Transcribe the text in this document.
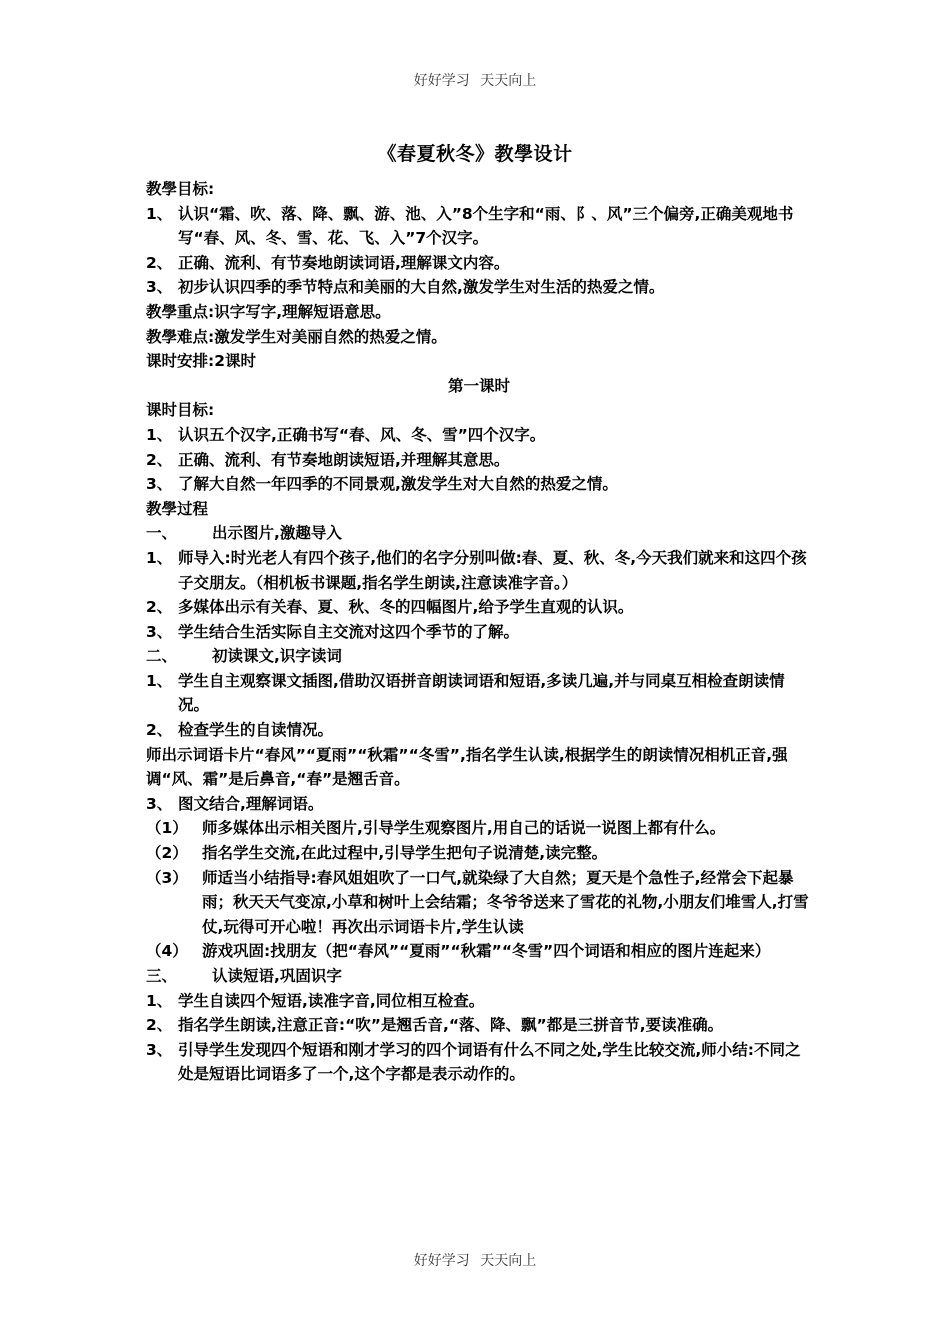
好好学习 天天向上
《春夏秋冬》教學设计
教學目标:
1、 认识“霜、吹、落、降、飘、游、池、入”8个生字和“雨、阝、风”三个偏旁,正确美观地书写“春、风、冬、雪、花、飞、入”7个汉字。
2、 正确、流利、有节奏地朗读词语,理解课文内容。
3、 初步认识四季的季节特点和美丽的大自然,激发学生对生活的热爱之情。
教學重点:识字写字,理解短语意思。
教學难点:激发学生对美丽自然的热爱之情。
课时安排:2课时
第一课时
课时目标:
1、 认识五个汉字,正确书写“春、风、冬、雪”四个汉字。
2、 正确、流利、有节奏地朗读短语,并理解其意思。
3、 了解大自然一年四季的不同景观,激发学生对大自然的热爱之情。
教學过程
一、	出示图片,激趣导入
1、 师导入:时光老人有四个孩子,他们的名字分别叫做:春、夏、秋、冬,今天我们就来和这四个孩子交朋友。（相机板书课题,指名学生朗读,注意读准字音。）
2、 多媒体出示有关春、夏、秋、冬的四幅图片,给予学生直观的认识。
3、 学生结合生活实际自主交流对这四个季节的了解。
二、	初读课文,识字读词
1、 学生自主观察课文插图,借助汉语拼音朗读词语和短语,多读几遍,并与同桌互相检查朗读情况。
2、 检查学生的自读情况。
师出示词语卡片“春风”“夏雨”“秋霜”“冬雪”,指名学生认读,根据学生的朗读情况相机正音,强调“风、霜”是后鼻音,“春”是翘舌音。
3、 图文结合,理解词语。
（1） 师多媒体出示相关图片,引导学生观察图片,用自己的话说一说图上都有什么。
（2） 指名学生交流,在此过程中,引导学生把句子说清楚,读完整。
（3） 师适当小结指导:春风姐姐吹了一口气,就染绿了大自然；夏天是个急性子,经常会下起暴雨；秋天天气变凉,小草和树叶上会结霜；冬爷爷送来了雪花的礼物,小朋友们堆雪人,打雪仗,玩得可开心啦！再次出示词语卡片,学生认读
（4） 游戏巩固:找朋友（把“春风”“夏雨”“秋霜”“冬雪”四个词语和相应的图片连起来）
三、	认读短语,巩固识字
1、 学生自读四个短语,读准字音,同位相互检查。
2、 指名学生朗读,注意正音:“吹”是翘舌音,“落、降、飘”都是三拼音节,要读准确。
3、 引导学生发现四个短语和刚才学习的四个词语有什么不同之处,学生比较交流,师小结:不同之处是短语比词语多了一个,这个字都是表示动作的。
好好学习 天天向上
